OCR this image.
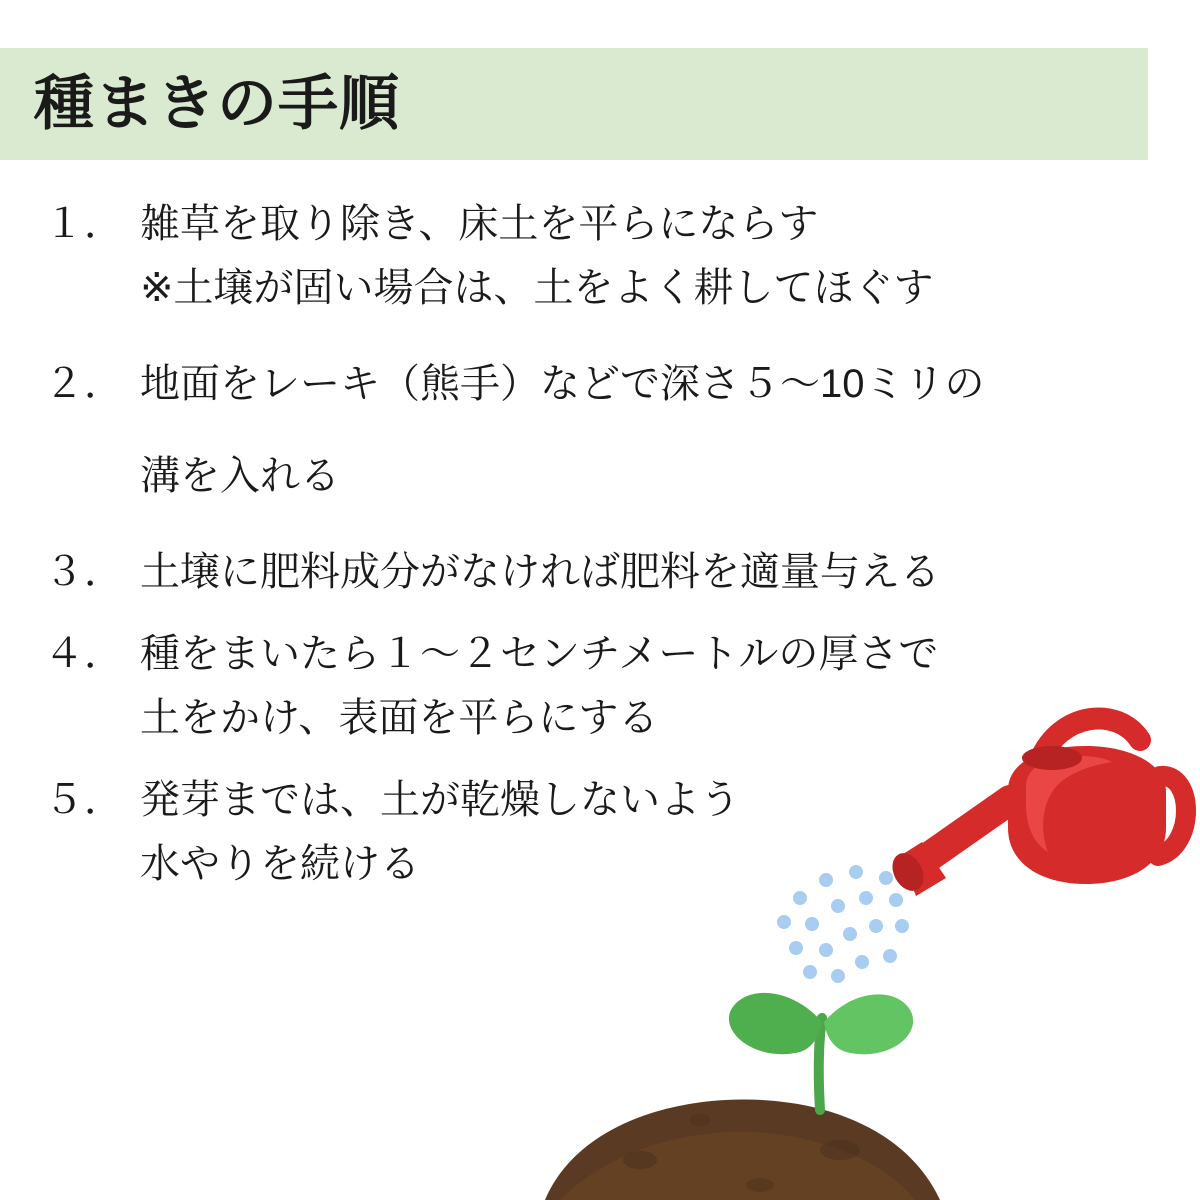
種まきの手順
１． 雑草を取り除き、床土を平らにならす
※土壌が固い場合は、土をよく耕してほぐす
２． 地面をレーキ（熊手）などで深さ５〜10ミリの
溝を入れる
３． 土壌に肥料成分がなければ肥料を適量与える
４． 種をまいたら１〜２センチメートルの厚さで
土をかけ、表面を平らにする
５． 発芽までは、土が乾燥しないよう
水やりを続ける
